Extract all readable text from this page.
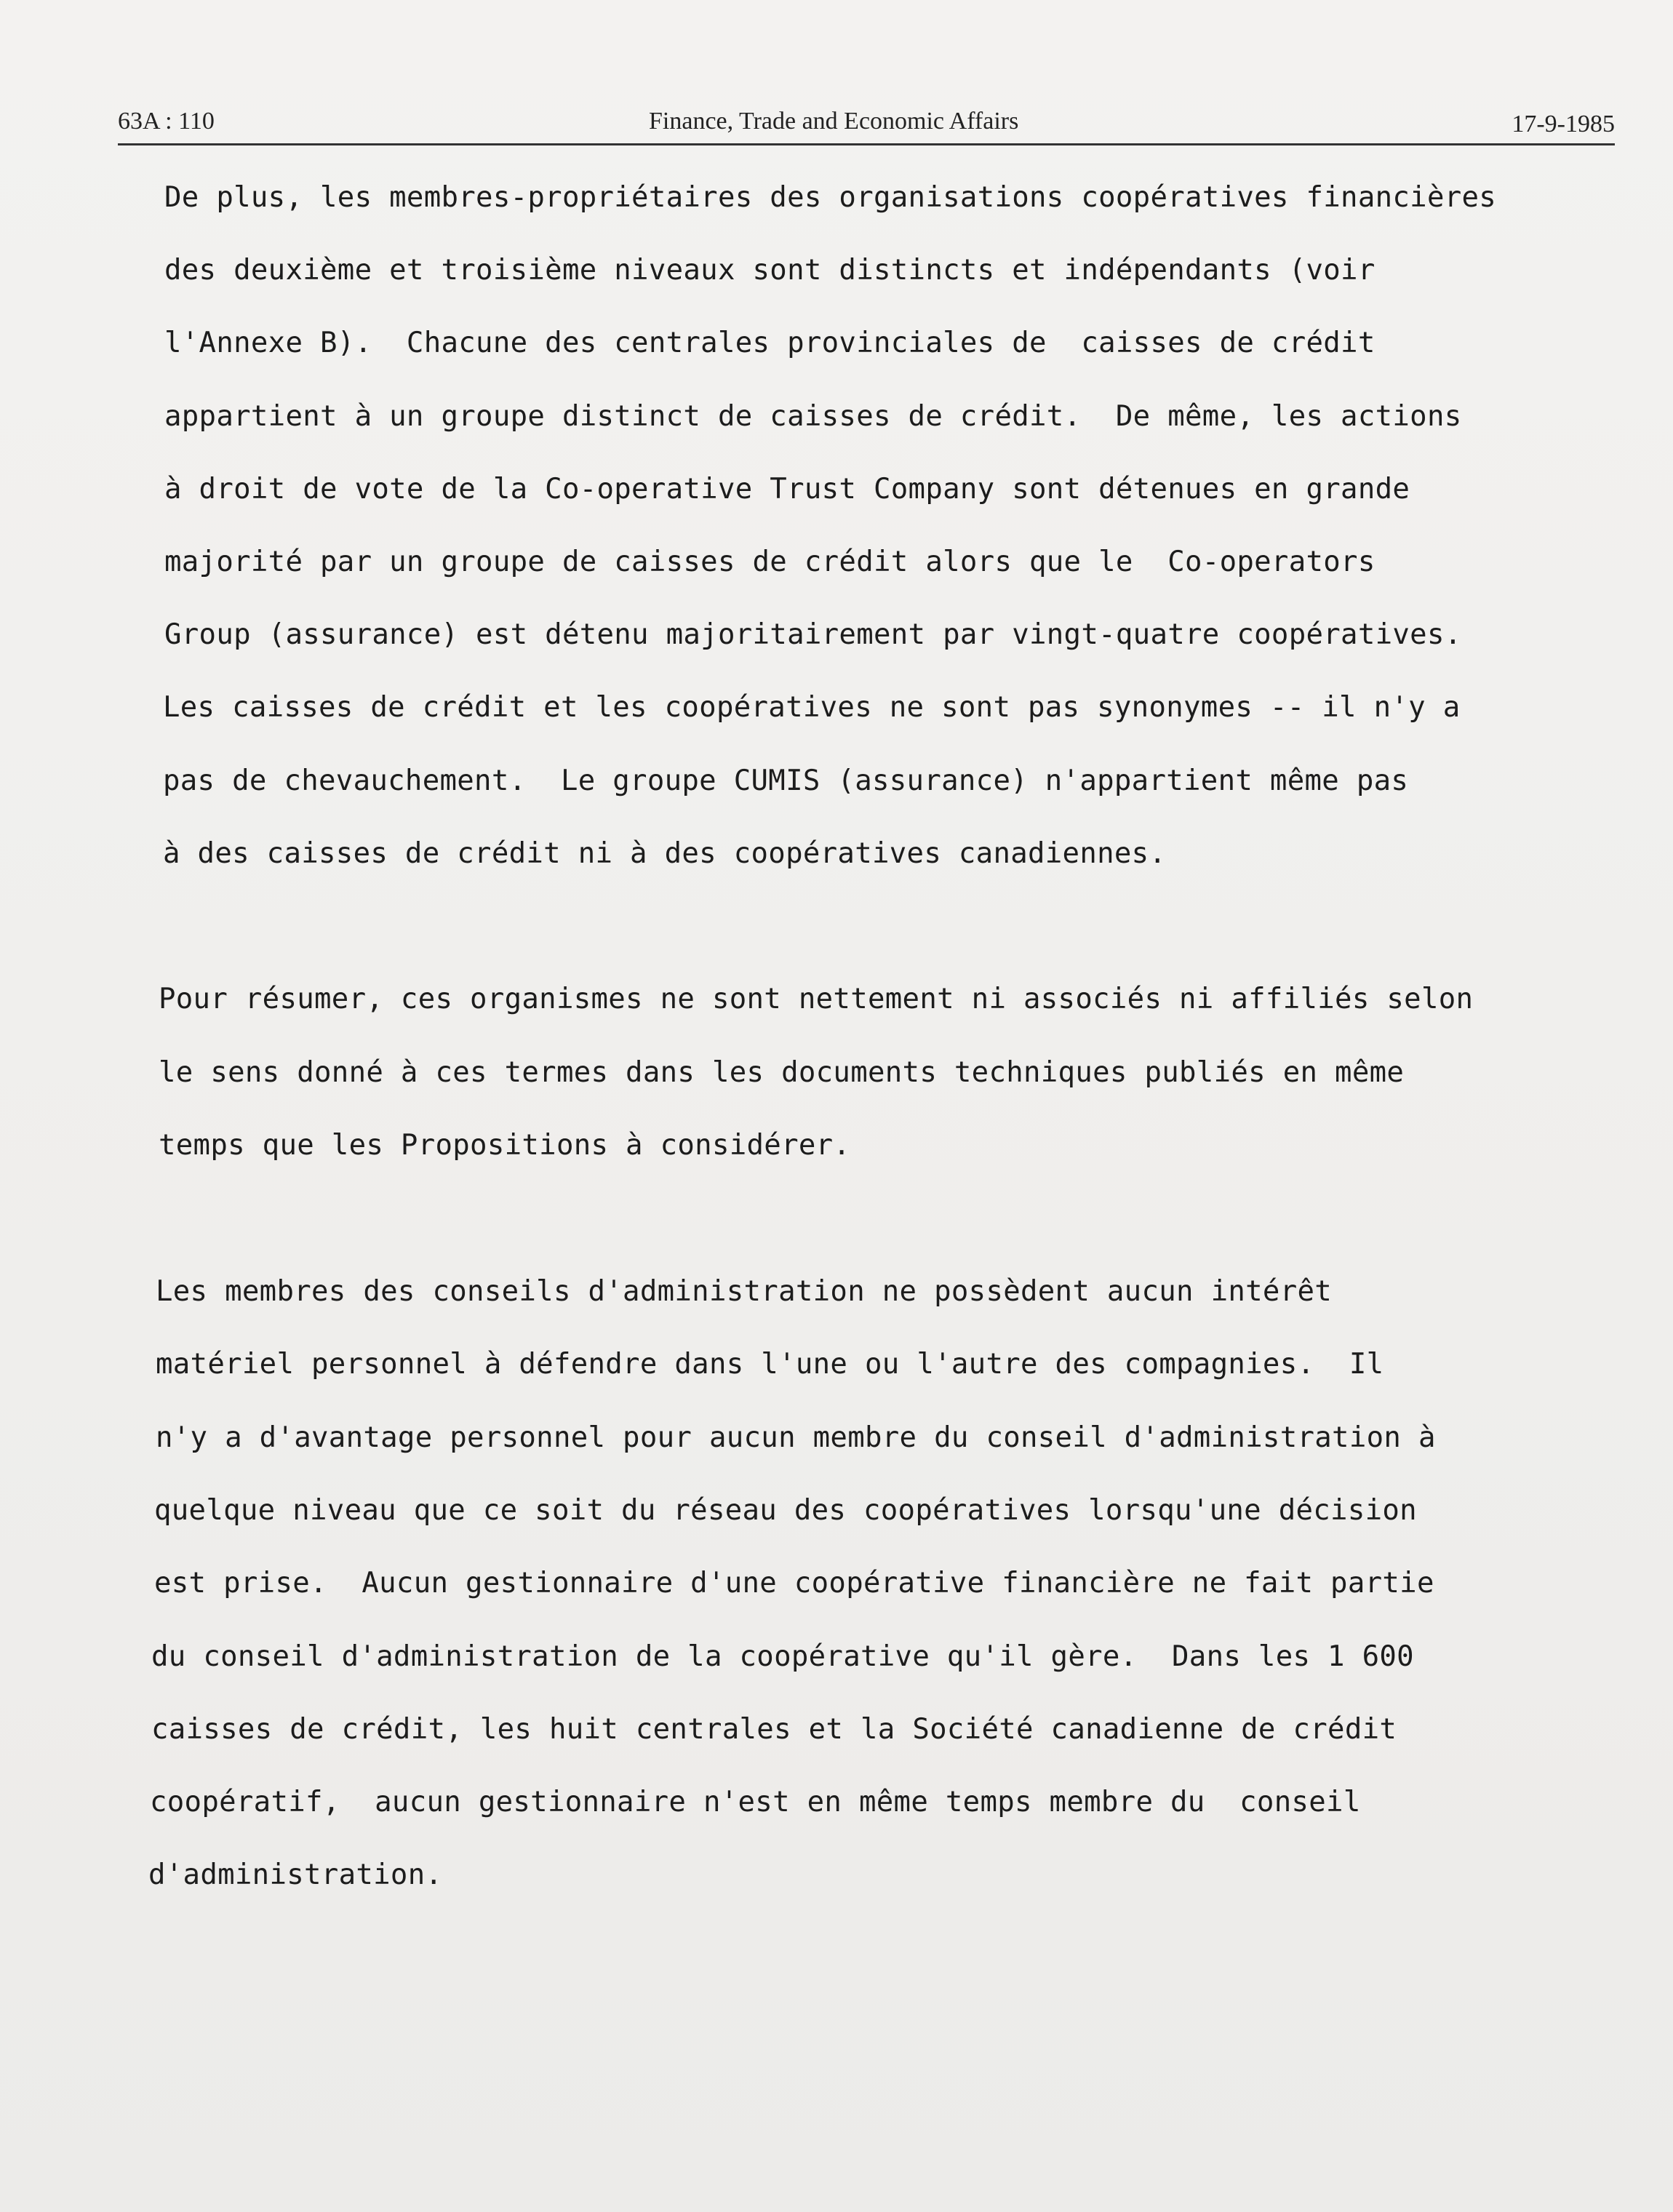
63A : 110	Finance, Trade and Economic Affairs	17-9-1985
De plus, les membres-propriétaires des organisations coopératives financières
des deuxième et troisième niveaux sont distincts et indépendants (voir
l'Annexe B).  Chacune des centrales provinciales de  caisses de crédit
appartient à un groupe distinct de caisses de crédit.  De même, les actions
à droit de vote de la Co-operative Trust Company sont détenues en grande
majorité par un groupe de caisses de crédit alors que le  Co-operators
Group (assurance) est détenu majoritairement par vingt-quatre coopératives.
Les caisses de crédit et les coopératives ne sont pas synonymes -- il n'y a
pas de chevauchement.  Le groupe CUMIS (assurance) n'appartient même pas
à des caisses de crédit ni à des coopératives canadiennes.
Pour résumer, ces organismes ne sont nettement ni associés ni affiliés selon
le sens donné à ces termes dans les documents techniques publiés en même
temps que les Propositions à considérer.
Les membres des conseils d'administration ne possèdent aucun intérêt
matériel personnel à défendre dans l'une ou l'autre des compagnies.  Il
n'y a d'avantage personnel pour aucun membre du conseil d'administration à
quelque niveau que ce soit du réseau des coopératives lorsqu'une décision
est prise.  Aucun gestionnaire d'une coopérative financière ne fait partie
du conseil d'administration de la coopérative qu'il gère.  Dans les 1 600
caisses de crédit, les huit centrales et la Société canadienne de crédit
coopératif,  aucun gestionnaire n'est en même temps membre du  conseil
d'administration.
